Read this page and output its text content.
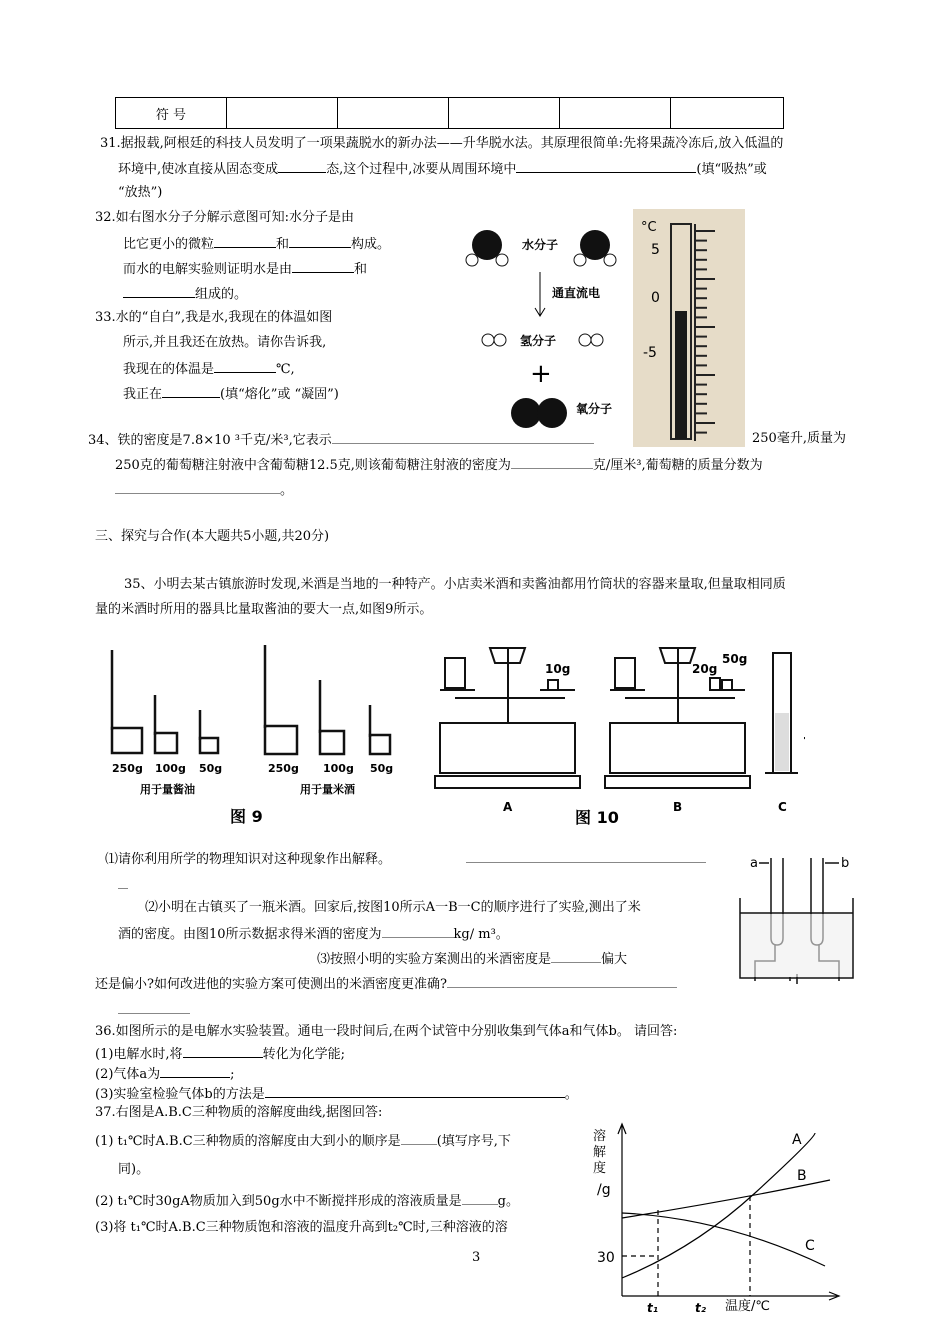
符 号					
31.据报载,阿根廷的科技人员发明了一项果蔬脱水的新办法——升华脱水法。其原理很简单:先将果蔬冷冻后,放入低温的
环境中,使冰直接从固态变成	态,这个过程中,冰要从周围环境中	(填“吸热”或
“放热”)
32.如右图水分子分解示意图可知:水分子是由
比它更小的微粒	和	构成。
而水的电解实验则证明水是由	和
组成的。
33.水的“自白”,我是水,我现在的体温如图
所示,并且我还在放热。请你告诉我,
我现在的体温是	℃,
我正在	(填“熔化”或 “凝固”)
水分子
通直流电
氢分子
+
氧分子
°C
5
0
-5
34、铁的密度是7.8×10 ³千克/米³,它表示	250毫升,质量为
250克的葡萄糖注射液中含葡萄糖12.5克,则该葡萄糖注射液的密度为	克/厘米³,葡萄糖的质量分数为
。
三、探究与合作(本大题共5小题,共20分)
35、小明去某古镇旅游时发现,米酒是当地的一种特产。小店卖米酒和卖酱油都用竹筒状的容器来量取,但量取相同质
量的米酒时所用的器具比量取酱油的要大一点,如图9所示。
250g 100g 50g	250g 100g 50g
用于量酱油	用于量米酒
图 9
10g	20g
50g
A	B	C
图 10
⑴请你利用所学的物理知识对这种现象作出解释。
⑵小明在古镇买了一瓶米酒。回家后,按图10所示A一B一C的顺序进行了实验,测出了米
酒的密度。由图10所示数据求得米酒的密度为	kg/ m³。
⑶按照小明的实验方案测出的米酒密度是	偏大
还是偏小?如何改进他的实验方案可使测出的米酒密度更准确?
a	b
36.如图所示的是电解水实验装置。通电一段时间后,在两个试管中分别收集到气体a和气体b。 请回答:
(1)电解水时,将	转化为化学能;
(2)气体a为	;
(3)实验室检验气体b的方法是	。
37.右图是A.B.C三种物质的溶解度曲线,据图回答:
(1) t₁℃时A.B.C三种物质的溶解度由大到小的顺序是	(填写序号,下
同)。
(2) t₁℃时30gA物质加入到50g水中不断搅拌形成的溶液质量是	g。
(3)将 t₁℃时A.B.C三种物质饱和溶液的温度升高到t₂℃时,三种溶液的溶
3
溶
解
度
/g
30
t₁	t₂ 温度/℃
A
B
C
